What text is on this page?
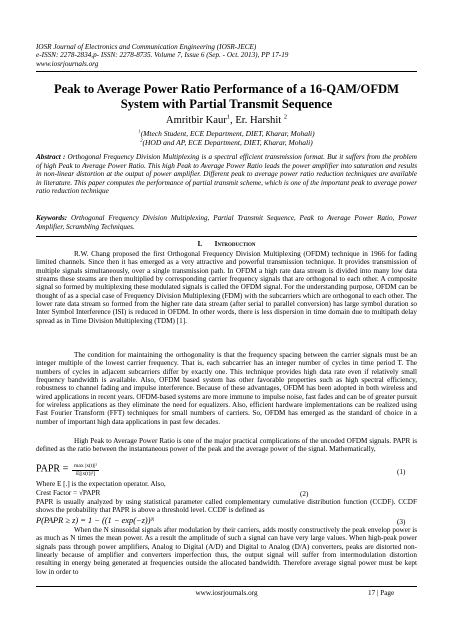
IOSR Journal of Electronics and Communication Engineering (IOSR-JECE)
e-ISSN: 2278-2834,p- ISSN: 2278-8735. Volume 7, Issue 6 (Sep. - Oct. 2013), PP 17-19
www.iosrjournals.org
Peak to Average Power Ratio Performance of a 16-QAM/OFDM
System with Partial Transmit Sequence
Amritbir Kaur$^1$, Er. Harshit $^2$
$^1$(Mtech Student, ECE Department, DIET, Kharar, Mohali)
$^2$(HOD and AP, ECE Department, DIET, Kharar, Mohali)
Abstract : Orthogonal Frequency Division Multiplexing is a spectral efficient transmission format. But it suffers from the problem of high Peak to Average Power Ratio. This high Peak to Average Power Ratio leads the power amplifier into saturation and results in non-linear distortion at the output of power amplifier. Different peak to average power ratio reduction techniques are available in literature. This paper computes the performance of partial transmit scheme, which is one of the important peak to average power ratio reduction technique
Keywords: Orthogonal Frequency Division Multiplexing, Partial Transmit Sequence, Peak to Average Power Ratio, Power Amplifier, Scrambling Techniques.
I. Introduction
R.W. Chang proposed the first Orthogonal Frequency Division Multiplexing (OFDM) technique in 1966 for fading limited channels. Since then it has emerged as a very attractive and powerful transmission technique. It provides transmission of multiple signals simultaneously, over a single transmission path. In OFDM a high rate data stream is divided into many low data streams these steams are then multiplied by corresponding carrier frequency signals that are orthogonal to each other. A composite signal so formed by multiplexing these modulated signals is called the OFDM signal. For the understanding purpose, OFDM can be thought of as a special case of Frequency Division Multiplexing (FDM) with the subcarriers which are orthogonal to each other. The lower rate data stream so formed from the higher rate data stream (after serial to parallel conversion) has large symbol duration so Inter Symbol Interference (ISI) is reduced in OFDM. In other words, there is less dispersion in time domain due to multipath delay spread as in Time Division Multiplexing (TDM) [1].
The condition for maintaining the orthogonality is that the frequency spacing between the carrier signals must be an integer multiple of the lowest carrier frequency. That is, each subcarrier has an integer number of cycles in time period T. The numbers of cycles in adjacent subcarriers differ by exactly one. This technique provides high data rate even if relatively small frequency bandwidth is available. Also, OFDM based system has other favorable properties such as high spectral efficiency, robustness to channel fading and impulse interference. Because of these advantages, OFDM has been adopted in both wireless and wired applications in recent years. OFDM-based systems are more immune to impulse noise, fast fades and can be of greater pursuit for wireless applications as they eliminate the need for equalizers. Also, efficient hardware implementations can be realized using Fast Fourier Transform (FFT) techniques for small numbers of carriers. So, OFDM has emerged as the standard of choice in a number of important high data applications in past few decades.
High Peak to Average Power Ratio is one of the major practical complications of the uncoded OFDM signals. PAPR is defined as the ratio between the instantaneous power of the peak and the average power of the signal. Mathematically,
PAPR = $\frac{\text{max |x(t)|²}}{\text{E[|x(t)|²]}}$	(1)
Where E [.] is the expectation operator. Also,
Crest Factor = √PAPR	(2)
PAPR is usually analyzed by using statistical parameter called complementary cumulative distribution function (CCDF). CCDF shows the probability that PAPR is above a threshold level. CCDF is defined as
P(PAPR ≥ z) = 1 − ((1 − exp(−z))ᴺ	(3)
When the N sinusoidal signals after modulation by their carriers, adds mostly constructively the peak envelop power is as much as N times the mean power. As a result the amplitude of such a signal can have very large values. When high-peak power signals pass through power amplifiers, Analog to Digital (A/D) and Digital to Analog (D/A) converters, peaks are distorted non-linearly because of amplifier and converters imperfection thus, the output signal will suffer from intermodulation distortion resulting in energy being generated at frequencies outside the allocated bandwidth. Therefore average signal power must be kept low in order to
www.iosrjournals.org	17 | Page
